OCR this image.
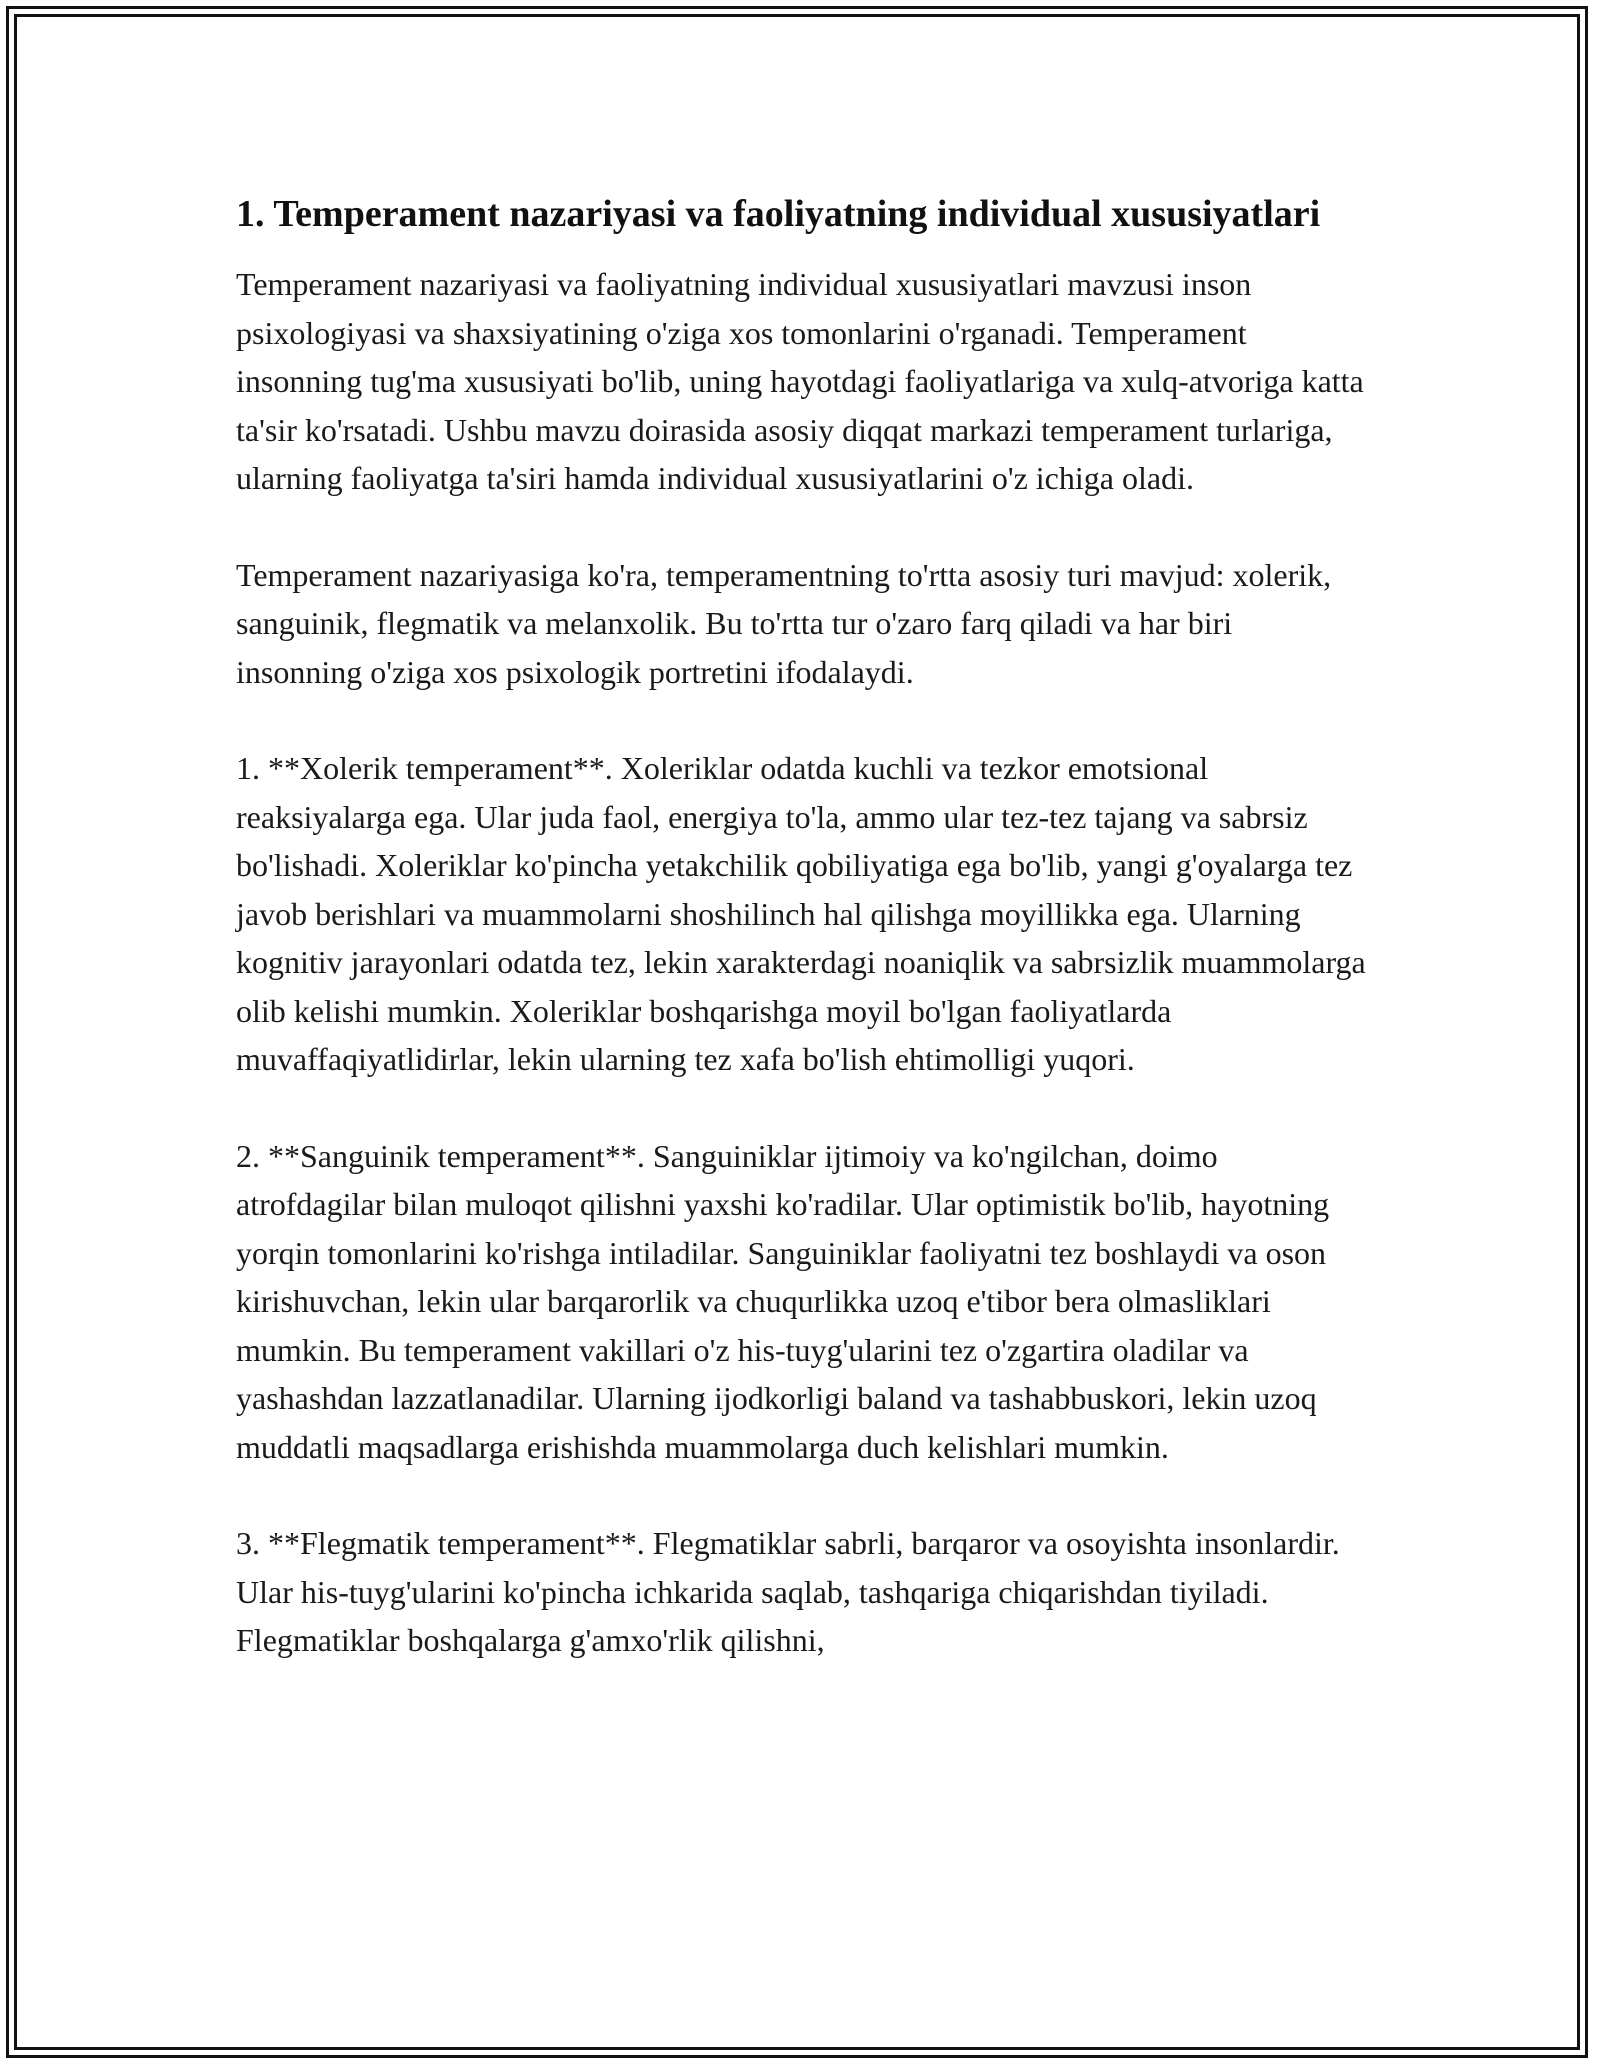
1. Temperament nazariyasi va faoliyatning individual xususiyatlari

Temperament nazariyasi va faoliyatning individual xususiyatlari mavzusi inson psixologiyasi va shaxsiyatining o'ziga xos tomonlarini o'rganadi. Temperament insonning tug'ma xususiyati bo'lib, uning hayotdagi faoliyatlariga va xulq-atvoriga katta ta'sir ko'rsatadi. Ushbu mavzu doirasida asosiy diqqat markazi temperament turlariga, ularning faoliyatga ta'siri hamda individual xususiyatlarini o'z ichiga oladi.

Temperament nazariyasiga ko'ra, temperamentning to'rtta asosiy turi mavjud: xolerik, sanguinik, flegmatik va melanxolik. Bu to'rtta tur o'zaro farq qiladi va har biri insonning o'ziga xos psixologik portretini ifodalaydi.

1. **Xolerik temperament**. Xoleriklar odatda kuchli va tezkor emotsional reaksiyalarga ega. Ular juda faol, energiya to'la, ammo ular tez-tez tajang va sabrsiz bo'lishadi. Xoleriklar ko'pincha yetakchilik qobiliyatiga ega bo'lib, yangi g'oyalarga tez javob berishlari va muammolarni shoshilinch hal qilishga moyillikka ega. Ularning kognitiv jarayonlari odatda tez, lekin xarakterdagi noaniqlik va sabrsizlik muammolarga olib kelishi mumkin. Xoleriklar boshqarishga moyil bo'lgan faoliyatlarda muvaffaqiyatlidirlar, lekin ularning tez xafa bo'lish ehtimolligi yuqori.

2. **Sanguinik temperament**. Sanguiniklar ijtimoiy va ko'ngilchan, doimo atrofdagilar bilan muloqot qilishni yaxshi ko'radilar. Ular optimistik bo'lib, hayotning yorqin tomonlarini ko'rishga intiladilar. Sanguiniklar faoliyatni tez boshlaydi va oson kirishuvchan, lekin ular barqarorlik va chuqurlikka uzoq e'tibor bera olmasliklari mumkin. Bu temperament vakillari o'z his-tuyg'ularini tez o'zgartira oladilar va yashashdan lazzatlanadilar. Ularning ijodkorligi baland va tashabbuskori, lekin uzoq muddatli maqsadlarga erishishda muammolarga duch kelishlari mumkin.

3. **Flegmatik temperament**. Flegmatiklar sabrli, barqaror va osoyishta insonlardir. Ular his-tuyg'ularini ko'pincha ichkarida saqlab, tashqariga chiqarishdan tiyiladi. Flegmatiklar boshqalarga g'amxo'rlik qilishni,
